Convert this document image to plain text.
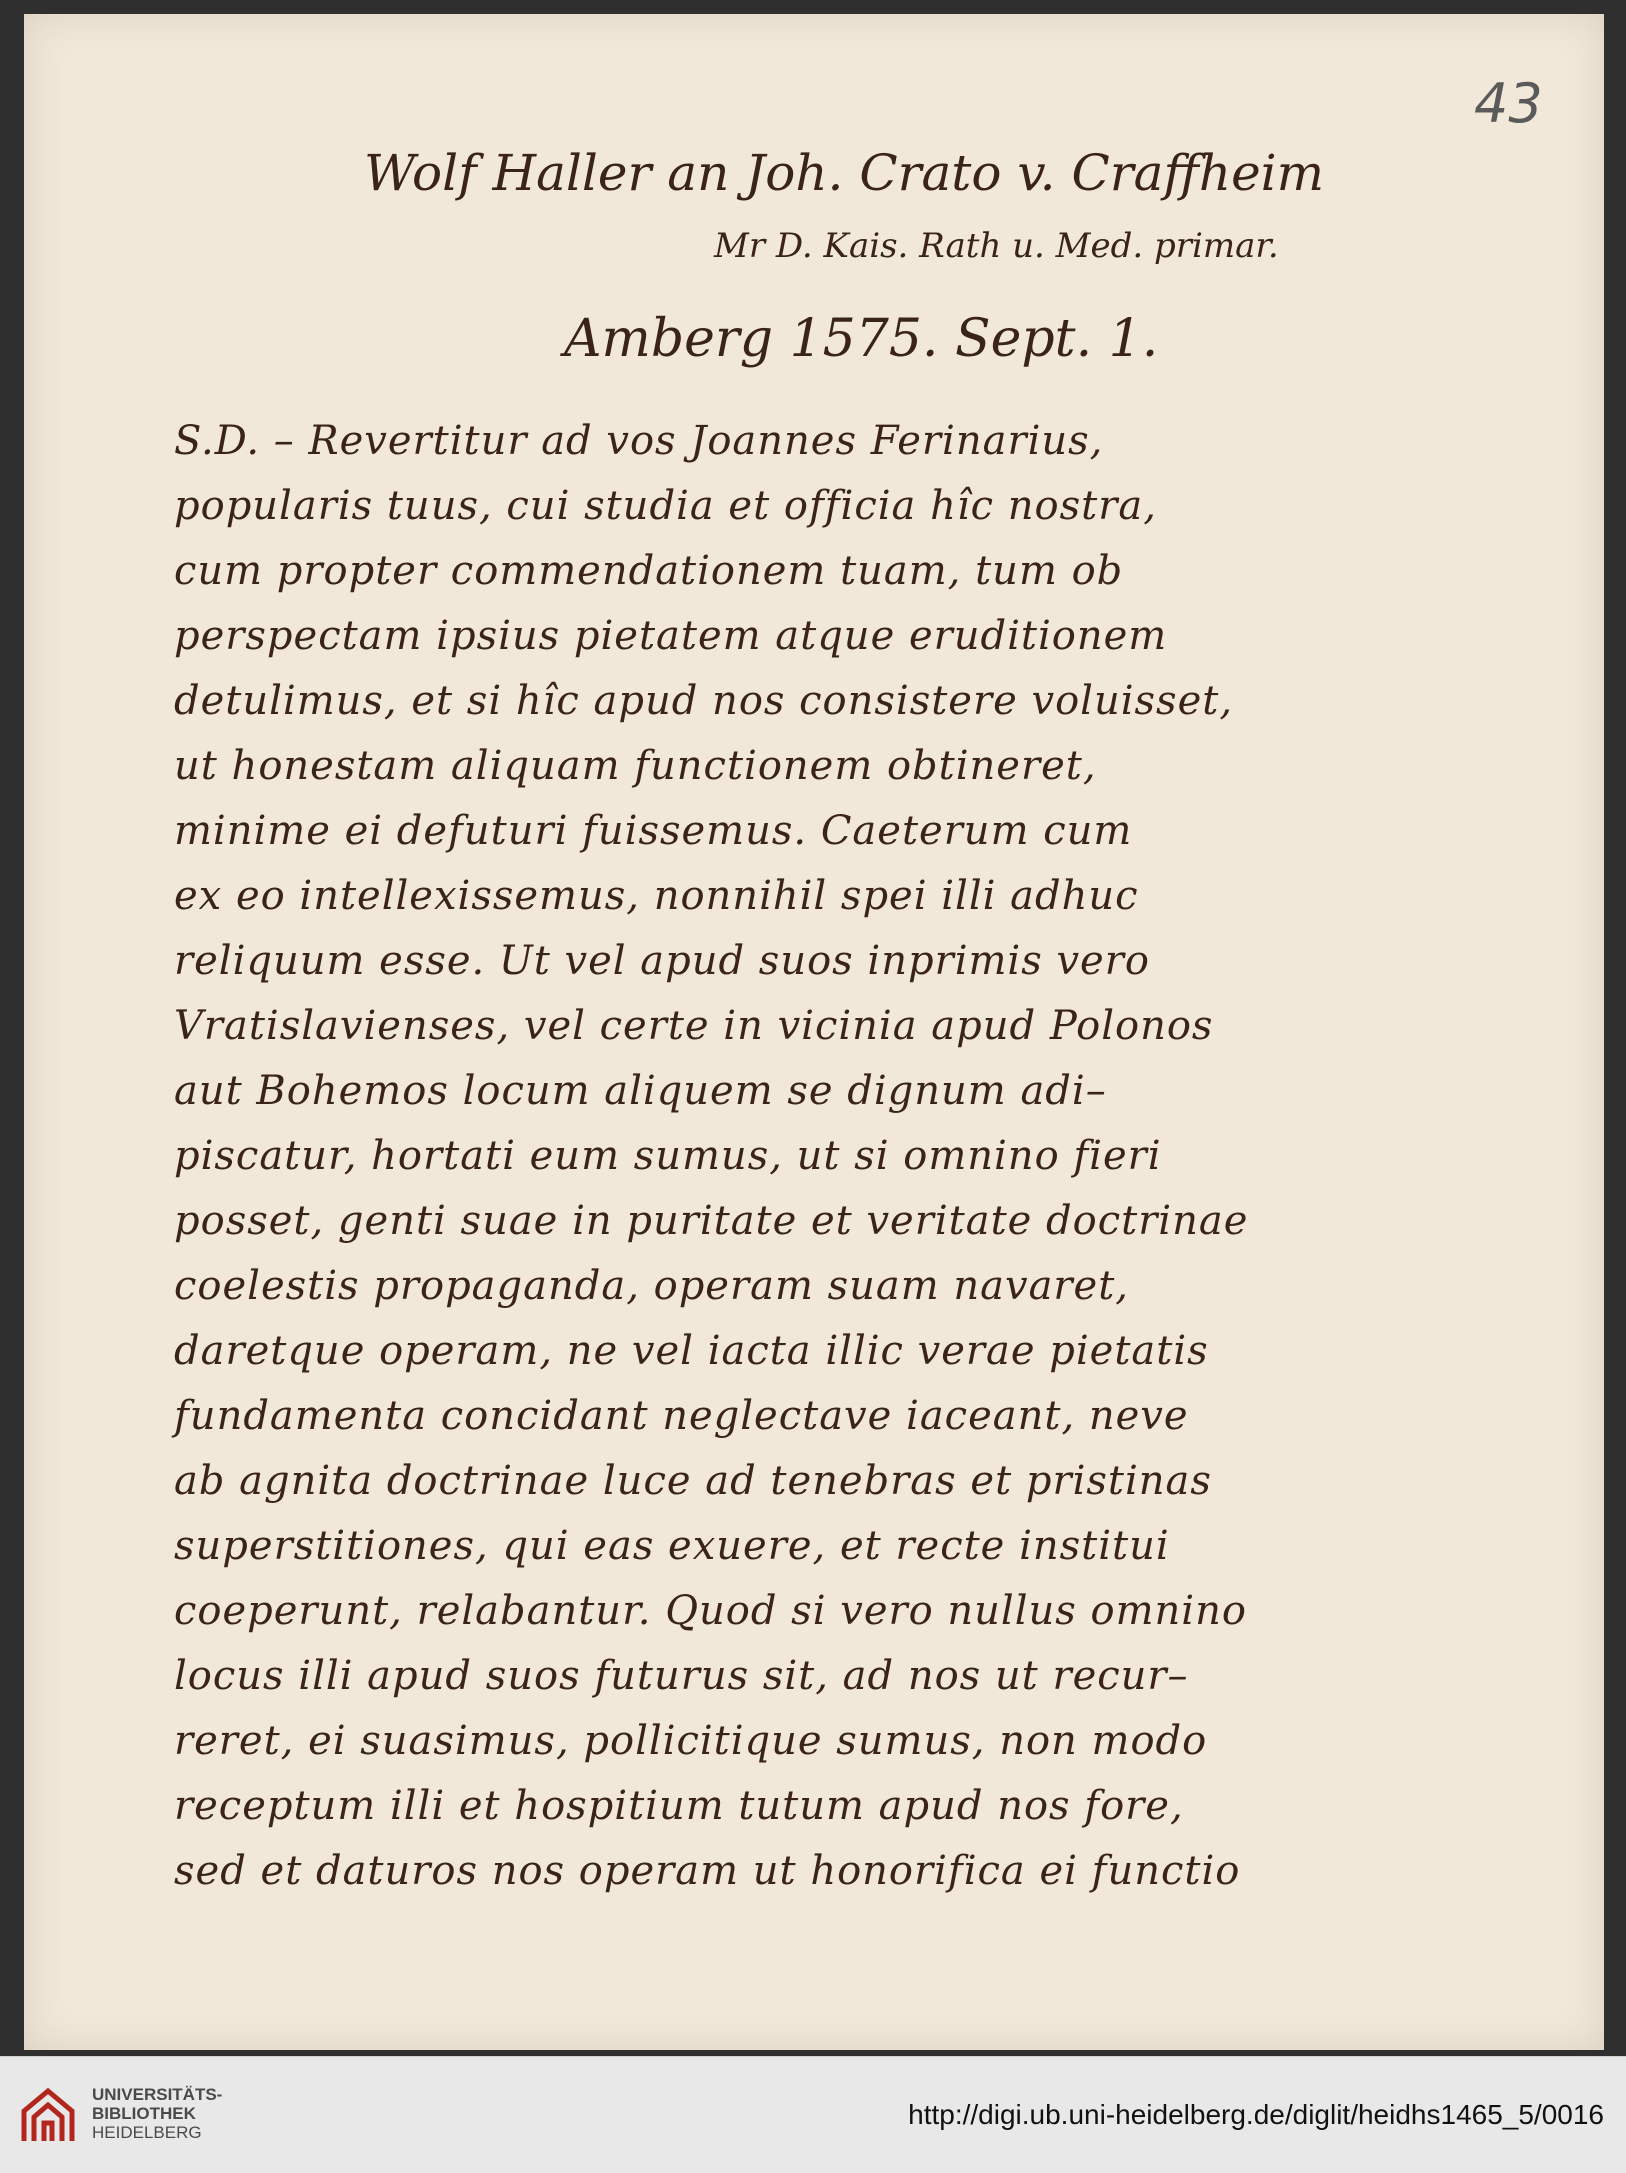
43
Wolf Haller an Joh. Crato v. Craffheim
Mr D. Kais. Rath u. Med. primar.
Amberg 1575. Sept. 1.
S.D. – Revertitur ad vos Joannes Ferinarius,
popularis tuus, cui studia et officia hîc nostra,
cum propter commendationem tuam, tum ob
perspectam ipsius pietatem atque eruditionem
detulimus, et si hîc apud nos consistere voluisset,
ut honestam aliquam functionem obtineret,
minime ei defuturi fuissemus. Caeterum cum
ex eo intellexissemus, nonnihil spei illi adhuc
reliquum esse. Ut vel apud suos inprimis vero
Vratislavienses, vel certe in vicinia apud Polonos
aut Bohemos locum aliquem se dignum adi–
piscatur, hortati eum sumus, ut si omnino fieri
posset, genti suae in puritate et veritate doctrinae
coelestis propaganda, operam suam navaret,
daretque operam, ne vel iacta illic verae pietatis
fundamenta concidant neglectave iaceant, neve
ab agnita doctrinae luce ad tenebras et pristinas
superstitiones, qui eas exuere, et recte institui
coeperunt, relabantur. Quod si vero nullus omnino
locus illi apud suos futurus sit, ad nos ut recur–
reret, ei suasimus, pollicitique sumus, non modo
receptum illi et hospitium tutum apud nos fore,
sed et daturos nos operam ut honorifica ei functio
UNIVERSITÄTS-
BIBLIOTHEK
HEIDELBERG
http://digi.ub.uni-heidelberg.de/diglit/heidhs1465_5/0016
